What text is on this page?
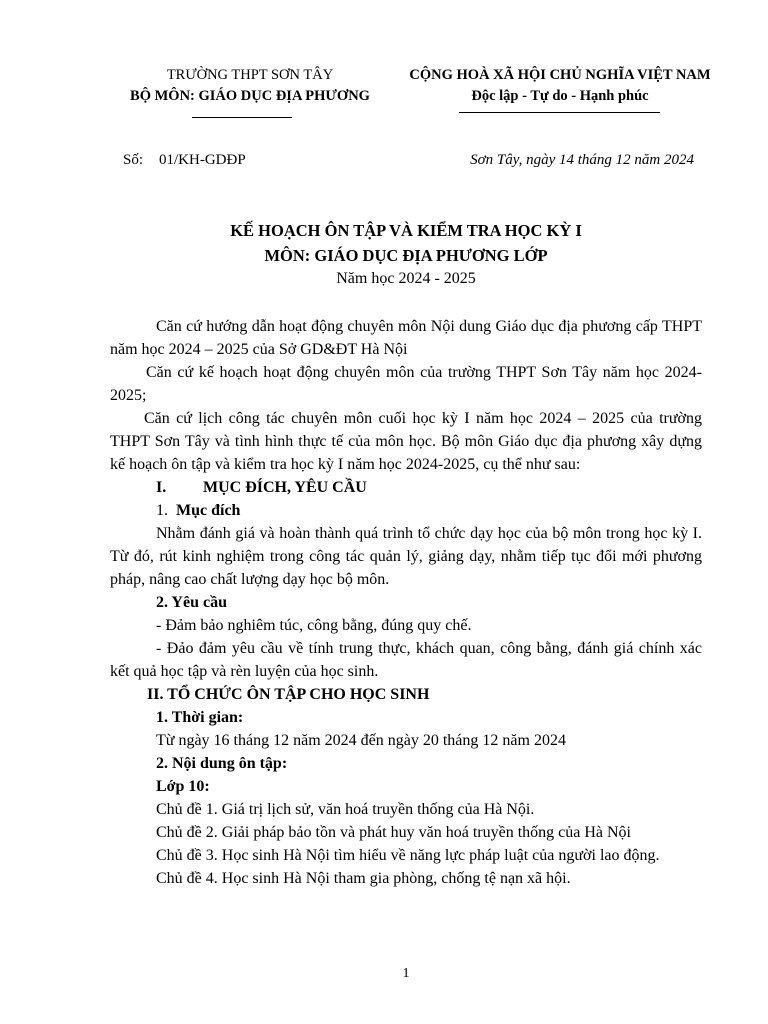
TRƯỜNG THPT SƠN TÂY
BỘ MÔN: GIÁO DỤC ĐỊA PHƯƠNG
CỘNG HOÀ XÃ HỘI CHỦ NGHĨA VIỆT NAM
Độc lập - Tự do - Hạnh phúc
Số: 01/KH-GDĐP	Sơn Tây, ngày 14 tháng 12 năm 2024
KẾ HOẠCH ÔN TẬP VÀ KIỂM TRA HỌC KỲ I
MÔN: GIÁO DỤC ĐỊA PHƯƠNG LỚP
Năm học 2024 - 2025

Căn cứ hướng dẫn hoạt động chuyên môn Nội dung Giáo dục địa phương cấp THPT năm học 2024 – 2025 của Sở GD&ĐT Hà Nội

Căn cứ kế hoạch hoạt động chuyên môn của trường THPT Sơn Tây năm học 2024-2025;

Căn cứ lịch công tác chuyên môn cuối học kỳ I năm học 2024 – 2025 của trường THPT Sơn Tây và tình hình thực tế của môn học. Bộ môn Giáo dục địa phương xây dựng kế hoạch ôn tập và kiểm tra học kỳ I năm học 2024-2025, cụ thể như sau:

I. MỤC ĐÍCH, YÊU CẦU

1. Mục đích

Nhằm đánh giá và hoàn thành quá trình tổ chức dạy học của bộ môn trong học kỳ I. Từ đó, rút kinh nghiệm trong công tác quản lý, giảng dạy, nhằm tiếp tục đổi mới phương pháp, nâng cao chất lượng dạy học bộ môn.

2. Yêu cầu

- Đảm bảo nghiêm túc, công bằng, đúng quy chế.

- Đảo đảm yêu cầu về tính trung thực, khách quan, công bằng, đánh giá chính xác kết quả học tập và rèn luyện của học sinh.

II. TỔ CHỨC ÔN TẬP CHO HỌC SINH

1. Thời gian:

Từ ngày 16 tháng 12 năm 2024 đến ngày 20 tháng 12 năm 2024

2. Nội dung ôn tập:

Lớp 10:

Chủ đề 1. Giá trị lịch sử, văn hoá truyền thống của Hà Nội.

Chủ đề 2. Giải pháp bảo tồn và phát huy văn hoá truyền thống của Hà Nội

Chủ đề 3. Học sinh Hà Nội tìm hiểu về năng lực pháp luật của người lao động.

Chủ đề 4. Học sinh Hà Nội tham gia phòng, chống tệ nạn xã hội.

1
